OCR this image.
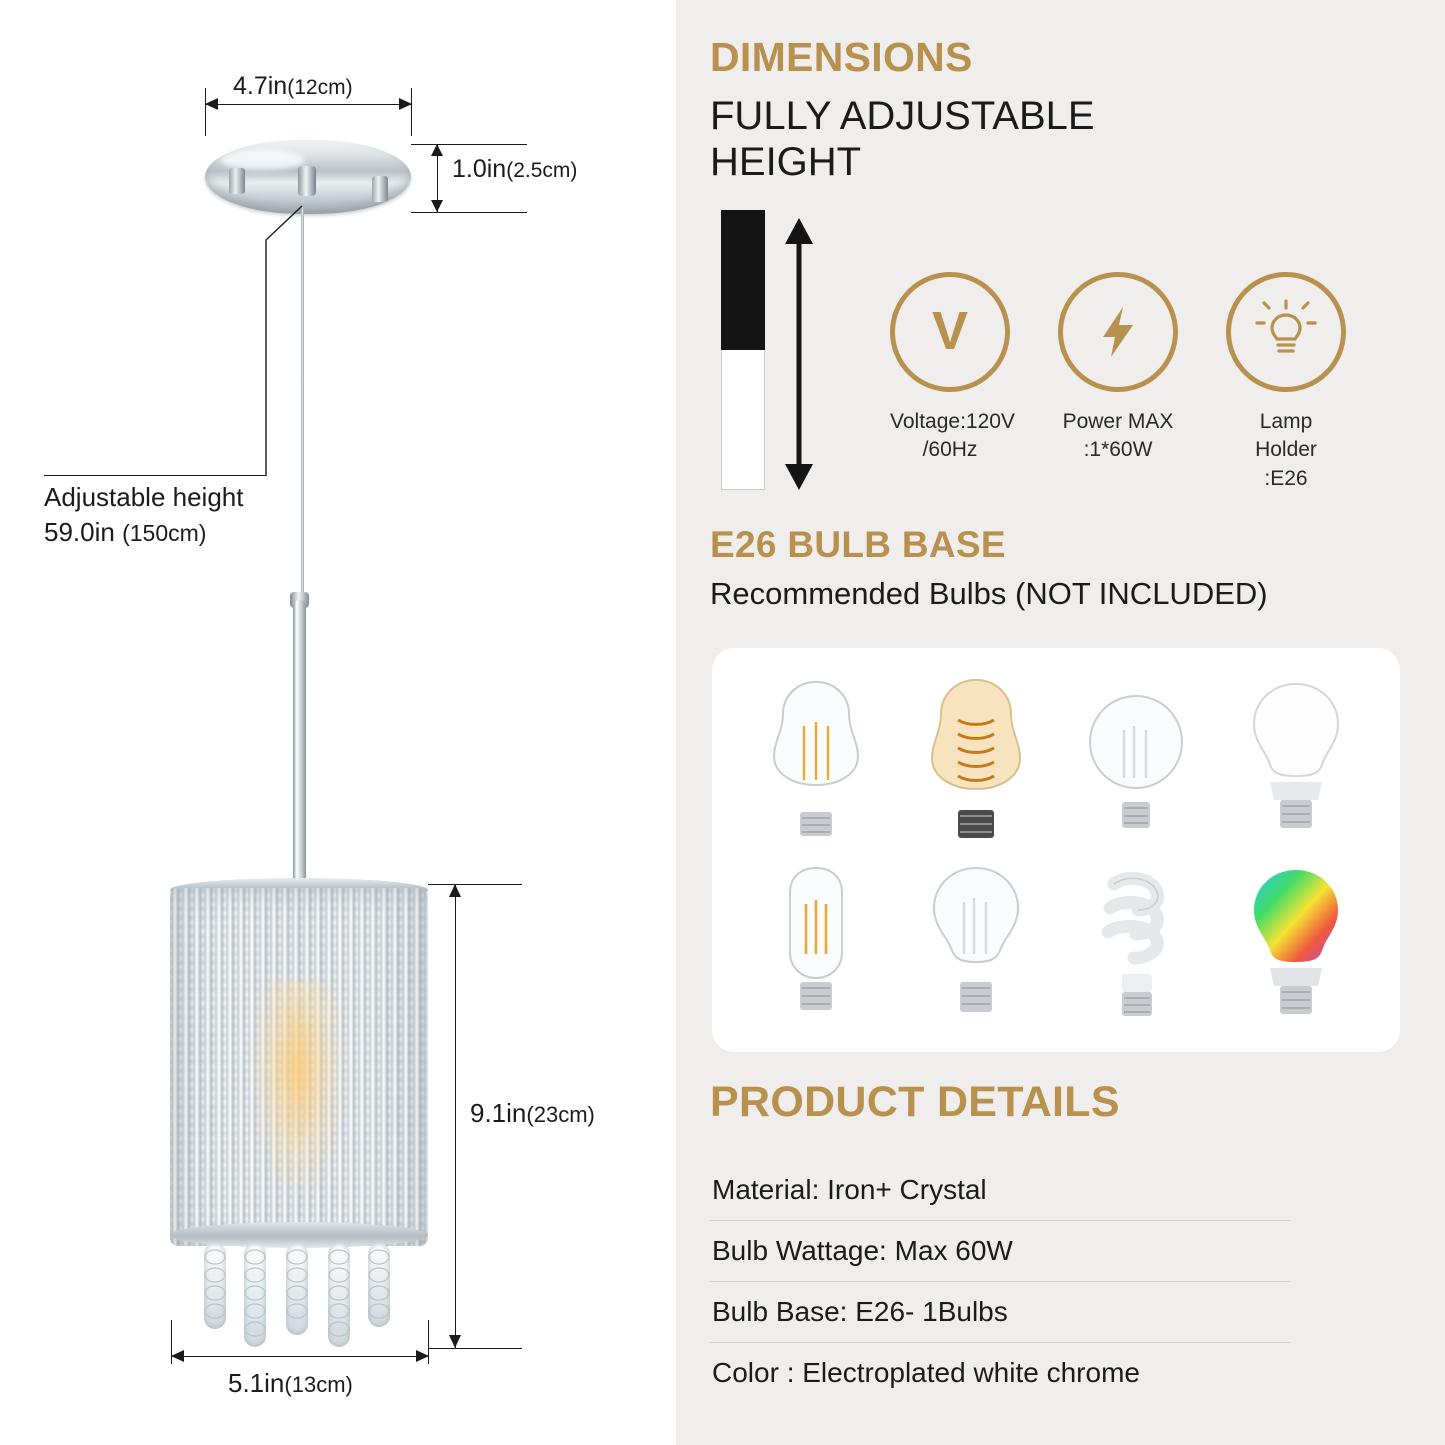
4.7in(12cm)
1.0in(2.5cm)
Adjustable height
59.0in (150cm)
9.1in(23cm)
5.1in(13cm)
DIMENSIONS
FULLY ADJUSTABLE HEIGHT
V
Voltage:120V
/60Hz
Power MAX
:1*60W
Lamp Holder
:E26
E26 BULB BASE
Recommended Bulbs (NOT INCLUDED)
PRODUCT DETAILS
Material: Iron+ Crystal
Bulb Wattage: Max 60W
Bulb Base: E26- 1Bulbs
Color : Electroplated white chrome
